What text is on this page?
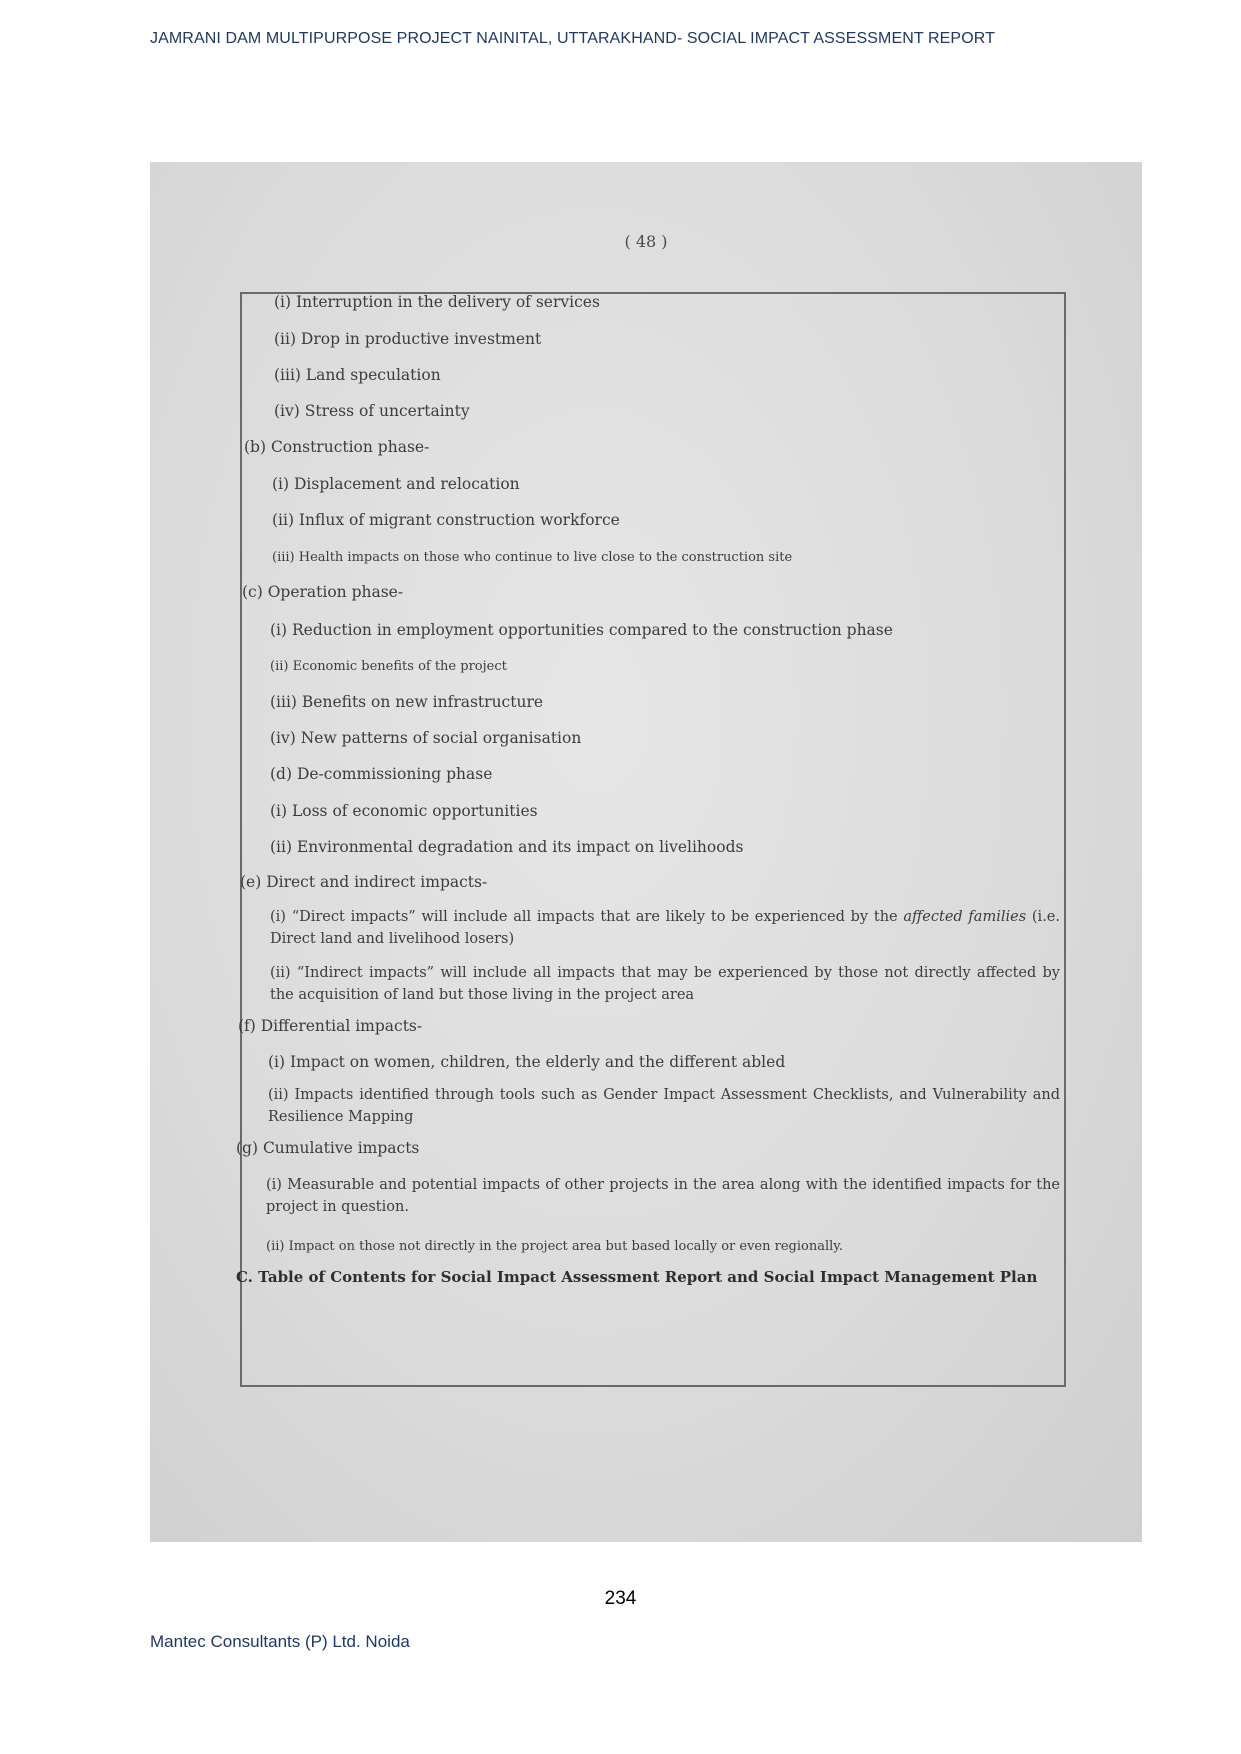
JAMRANI DAM MULTIPURPOSE PROJECT NAINITAL, UTTARAKHAND- SOCIAL IMPACT ASSESSMENT REPORT
( 48 )
(i) Interruption in the delivery of services
(ii) Drop in productive investment
(iii) Land speculation
(iv) Stress of uncertainty
(b) Construction phase-
(i) Displacement and relocation
(ii) Influx of migrant construction workforce
(iii) Health impacts on those who continue to live close to the construction site
(c) Operation phase-
(i) Reduction in employment opportunities compared to the construction phase
(ii) Economic benefits of the project
(iii) Benefits on new infrastructure
(iv) New patterns of social organisation
(d) De-commissioning phase
(i) Loss of economic opportunities
(ii) Environmental degradation and its impact on livelihoods
(e) Direct and indirect impacts-
(i) “Direct impacts” will include all impacts that are likely to be experienced by the affected families (i.e. Direct land and livelihood losers)
(ii) “Indirect impacts” will include all impacts that may be experienced by those not directly affected by the acquisition of land but those living in the project area
(f) Differential impacts-
(i) Impact on women, children, the elderly and the different abled
(ii) Impacts identified through tools such as Gender Impact Assessment Checklists, and Vulnerability and Resilience Mapping
(g) Cumulative impacts
(i) Measurable and potential impacts of other projects in the area along with the identified impacts for the project in question.
(ii) Impact on those not directly in the project area but based locally or even regionally.
C. Table of Contents for Social Impact Assessment Report and Social Impact Management Plan
234
Mantec Consultants (P) Ltd. Noida
